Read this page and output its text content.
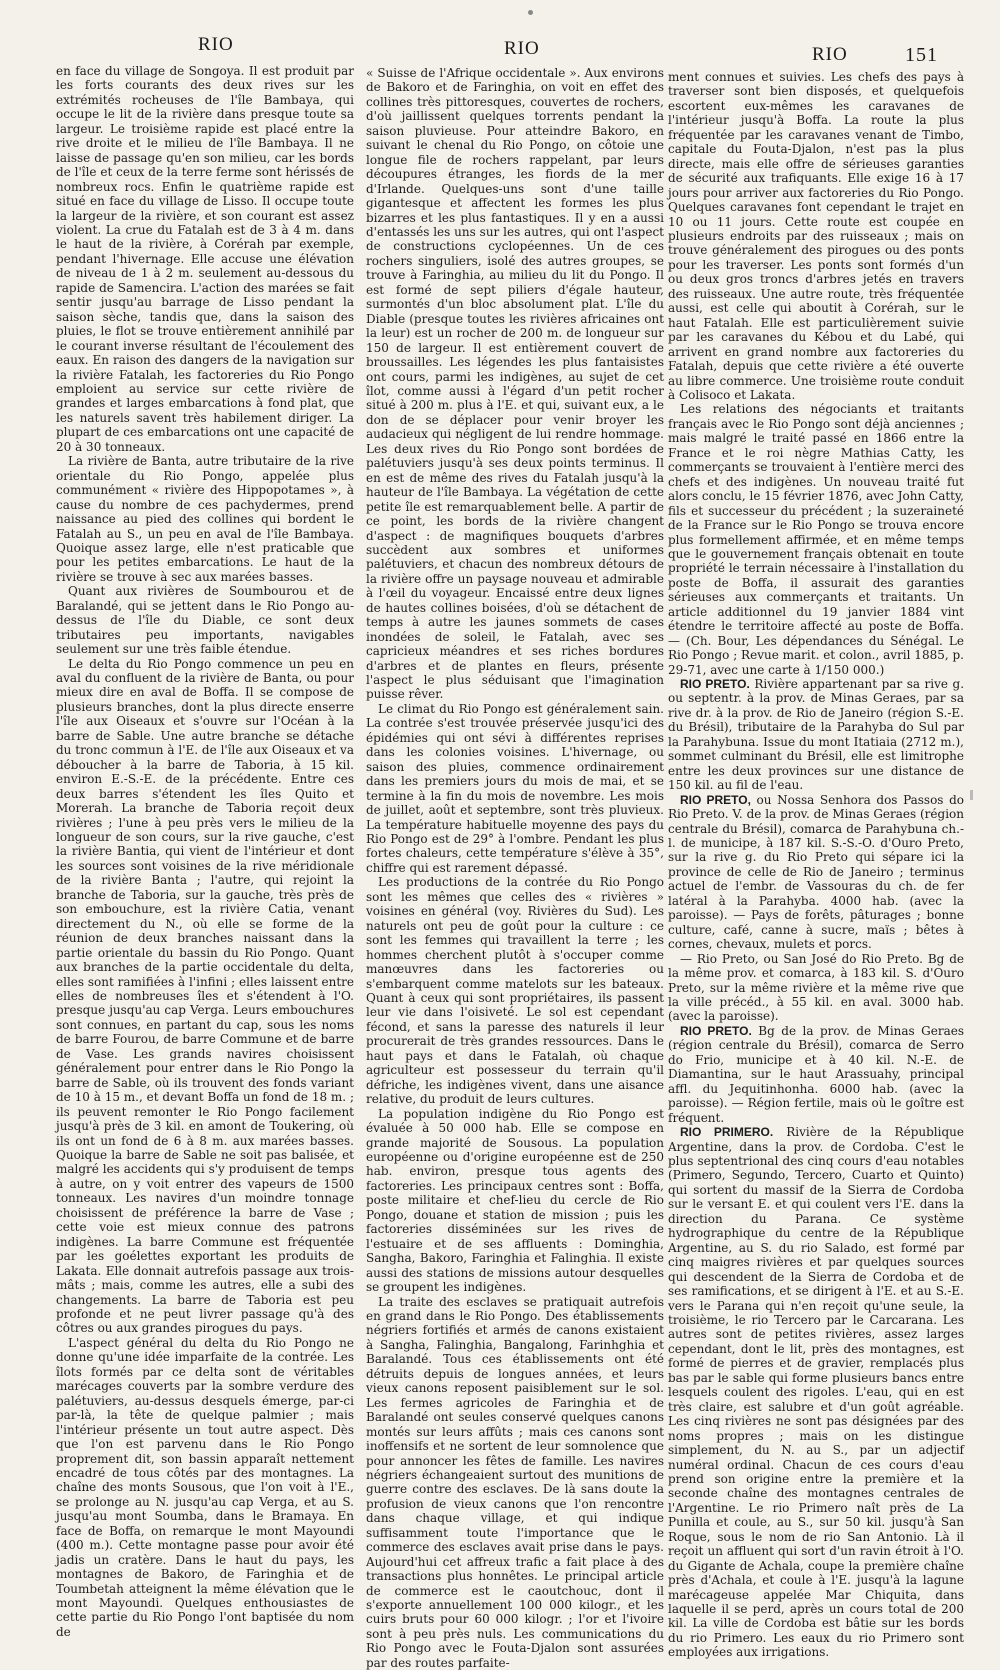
RIO	RIO	RIO	151

en face du village de Songoya. Il est produit par les forts courants des deux rives sur les extrémités rocheuses de l'île Bambaya, qui occupe le lit de la rivière dans presque toute sa largeur. Le troisième rapide est placé entre la rive droite et le milieu de l'île Bambaya. Il ne laisse de passage qu'en son milieu, car les bords de l'île et ceux de la terre ferme sont hérissés de nombreux rocs. Enfin le quatrième rapide est situé en face du village de Lisso. Il occupe toute la largeur de la rivière, et son courant est assez violent. La crue du Fatalah est de 3 à 4 m. dans le haut de la rivière, à Corérah par exemple, pendant l'hivernage. Elle accuse une élévation de niveau de 1 à 2 m. seulement au-dessous du rapide de Samencira. L'action des marées se fait sentir jusqu'au barrage de Lisso pendant la saison sèche, tandis que, dans la saison des pluies, le flot se trouve entièrement annihilé par le courant inverse résultant de l'écoulement des eaux. En raison des dangers de la navigation sur la rivière Fatalah, les factoreries du Rio Pongo emploient au service sur cette rivière de grandes et larges embarcations à fond plat, que les naturels savent très habilement diriger. La plupart de ces embarcations ont une capacité de 20 à 30 tonneaux.

La rivière de Banta, autre tributaire de la rive orientale du Rio Pongo, appelée plus communément « rivière des Hippopotames », à cause du nombre de ces pachydermes, prend naissance au pied des collines qui bordent le Fatalah au S., un peu en aval de l'île Bambaya. Quoique assez large, elle n'est praticable que pour les petites embarcations. Le haut de la rivière se trouve à sec aux marées basses.

Quant aux rivières de Soumbourou et de Baralandé, qui se jettent dans le Rio Pongo au-dessus de l'île du Diable, ce sont deux tributaires peu importants, navigables seulement sur une très faible étendue.

Le delta du Rio Pongo commence un peu en aval du confluent de la rivière de Banta, ou pour mieux dire en aval de Boffa. Il se compose de plusieurs branches, dont la plus directe enserre l'île aux Oiseaux et s'ouvre sur l'Océan à la barre de Sable. Une autre branche se détache du tronc commun à l'E. de l'île aux Oiseaux et va déboucher à la barre de Taboria, à 15 kil. environ E.-S.-E. de la précédente. Entre ces deux barres s'étendent les îles Quito et Morerah. La branche de Taboria reçoit deux rivières ; l'une à peu près vers le milieu de la longueur de son cours, sur la rive gauche, c'est la rivière Bantia, qui vient de l'intérieur et dont les sources sont voisines de la rive méridionale de la rivière Banta ; l'autre, qui rejoint la branche de Taboria, sur la gauche, très près de son embouchure, est la rivière Catia, venant directement du N., où elle se forme de la réunion de deux branches naissant dans la partie orientale du bassin du Rio Pongo. Quant aux branches de la partie occidentale du delta, elles sont ramifiées à l'infini ; elles laissent entre elles de nombreuses îles et s'étendent à l'O. presque jusqu'au cap Verga. Leurs embouchures sont connues, en partant du cap, sous les noms de barre Fourou, de barre Commune et de barre de Vase. Les grands navires choisissent généralement pour entrer dans le Rio Pongo la barre de Sable, où ils trouvent des fonds variant de 10 à 15 m., et devant Boffa un fond de 18 m. ; ils peuvent remonter le Rio Pongo facilement jusqu'à près de 3 kil. en amont de Toukering, où ils ont un fond de 6 à 8 m. aux marées basses. Quoique la barre de Sable ne soit pas balisée, et malgré les accidents qui s'y produisent de temps à autre, on y voit entrer des vapeurs de 1500 tonneaux. Les navires d'un moindre tonnage choisissent de préférence la barre de Vase ; cette voie est mieux connue des patrons indigènes. La barre Commune est fréquentée par les goélettes exportant les produits de Lakata. Elle donnait autrefois passage aux trois-mâts ; mais, comme les autres, elle a subi des changements. La barre de Taboria est peu profonde et ne peut livrer passage qu'à des côtres ou aux grandes pirogues du pays.

L'aspect général du delta du Rio Pongo ne donne qu'une idée imparfaite de la contrée. Les îlots formés par ce delta sont de véritables marécages couverts par la sombre verdure des palétuviers, au-dessus desquels émerge, par-ci par-là, la tête de quelque palmier ; mais l'intérieur présente un tout autre aspect. Dès que l'on est parvenu dans le Rio Pongo proprement dit, son bassin apparaît nettement encadré de tous côtés par des montagnes. La chaîne des monts Sousous, que l'on voit à l'E., se prolonge au N. jusqu'au cap Verga, et au S. jusqu'au mont Soumba, dans le Bramaya. En face de Boffa, on remarque le mont Mayoundi (400 m.). Cette montagne passe pour avoir été jadis un cratère. Dans le haut du pays, les montagnes de Bakoro, de Faringhia et de Toumbetah atteignent la même élévation que le mont Mayoundi. Quelques enthousiastes de cette partie du Rio Pongo l'ont baptisée du nom de

« Suisse de l'Afrique occidentale ». Aux environs de Bakoro et de Faringhia, on voit en effet des collines très pittoresques, couvertes de rochers, d'où jaillissent quelques torrents pendant la saison pluvieuse. Pour atteindre Bakoro, en suivant le chenal du Rio Pongo, on côtoie une longue file de rochers rappelant, par leurs découpures étranges, les fiords de la mer d'Irlande. Quelques-uns sont d'une taille gigantesque et affectent les formes les plus bizarres et les plus fantastiques. Il y en a aussi d'entassés les uns sur les autres, qui ont l'aspect de constructions cyclopéennes. Un de ces rochers singuliers, isolé des autres groupes, se trouve à Faringhia, au milieu du lit du Pongo. Il est formé de sept piliers d'égale hauteur, surmontés d'un bloc absolument plat. L'île du Diable (presque toutes les rivières africaines ont la leur) est un rocher de 200 m. de longueur sur 150 de largeur. Il est entièrement couvert de broussailles. Les légendes les plus fantaisistes ont cours, parmi les indigènes, au sujet de cet îlot, comme aussi à l'égard d'un petit rocher situé à 200 m. plus à l'E. et qui, suivant eux, a le don de se déplacer pour venir broyer les audacieux qui négligent de lui rendre hommage. Les deux rives du Rio Pongo sont bordées de palétuviers jusqu'à ses deux points terminus. Il en est de même des rives du Fatalah jusqu'à la hauteur de l'île Bambaya. La végétation de cette petite île est remarquablement belle. A partir de ce point, les bords de la rivière changent d'aspect : de magnifiques bouquets d'arbres succèdent aux sombres et uniformes palétuviers, et chacun des nombreux détours de la rivière offre un paysage nouveau et admirable à l'œil du voyageur. Encaissé entre deux lignes de hautes collines boisées, d'où se détachent de temps à autre les jaunes sommets de cases inondées de soleil, le Fatalah, avec ses capricieux méandres et ses riches bordures d'arbres et de plantes en fleurs, présente l'aspect le plus séduisant que l'imagination puisse rêver.

Le climat du Rio Pongo est généralement sain. La contrée s'est trouvée préservée jusqu'ici des épidémies qui ont sévi à différentes reprises dans les colonies voisines. L'hivernage, ou saison des pluies, commence ordinairement dans les premiers jours du mois de mai, et se termine à la fin du mois de novembre. Les mois de juillet, août et septembre, sont très pluvieux. La température habituelle moyenne des pays du Rio Pongo est de 29° à l'ombre. Pendant les plus fortes chaleurs, cette température s'élève à 35°, chiffre qui est rarement dépassé.

Les productions de la contrée du Rio Pongo sont les mêmes que celles des « rivières » voisines en général (voy. Rivières du Sud). Les naturels ont peu de goût pour la culture : ce sont les femmes qui travaillent la terre ; les hommes cherchent plutôt à s'occuper comme manœuvres dans les factoreries ou s'embarquent comme matelots sur les bateaux. Quant à ceux qui sont propriétaires, ils passent leur vie dans l'oisiveté. Le sol est cependant fécond, et sans la paresse des naturels il leur procurerait de très grandes ressources. Dans le haut pays et dans le Fatalah, où chaque agriculteur est possesseur du terrain qu'il défriche, les indigènes vivent, dans une aisance relative, du produit de leurs cultures.

La population indigène du Rio Pongo est évaluée à 50 000 hab. Elle se compose en grande majorité de Sousous. La population européenne ou d'origine européenne est de 250 hab. environ, presque tous agents des factoreries. Les principaux centres sont : Boffa, poste militaire et chef-lieu du cercle de Rio Pongo, douane et station de mission ; puis les factoreries disséminées sur les rives de l'estuaire et de ses affluents : Dominghia, Sangha, Bakoro, Faringhia et Falinghia. Il existe aussi des stations de missions autour desquelles se groupent les indigènes.

La traite des esclaves se pratiquait autrefois en grand dans le Rio Pongo. Des établissements négriers fortifiés et armés de canons existaient à Sangha, Falinghia, Bangalong, Farinhghia et Baralandé. Tous ces établissements ont été détruits depuis de longues années, et leurs vieux canons reposent paisiblement sur le sol. Les fermes agricoles de Faringhia et de Baralandé ont seules conservé quelques canons montés sur leurs affûts ; mais ces canons sont inoffensifs et ne sortent de leur somnolence que pour annoncer les fêtes de famille. Les navires négriers échangeaient surtout des munitions de guerre contre des esclaves. De là sans doute la profusion de vieux canons que l'on rencontre dans chaque village, et qui indique suffisamment toute l'importance que le commerce des esclaves avait prise dans le pays. Aujourd'hui cet affreux trafic a fait place à des transactions plus honnêtes. Le principal article de commerce est le caoutchouc, dont il s'exporte annuellement 100 000 kilogr., et les cuirs bruts pour 60 000 kilogr. ; l'or et l'ivoire sont à peu près nuls. Les communications du Rio Pongo avec le Fouta-Djalon sont assurées par des routes parfaite-

ment connues et suivies. Les chefs des pays à traverser sont bien disposés, et quelquefois escortent eux-mêmes les caravanes de l'intérieur jusqu'à Boffa. La route la plus fréquentée par les caravanes venant de Timbo, capitale du Fouta-Djalon, n'est pas la plus directe, mais elle offre de sérieuses garanties de sécurité aux trafiquants. Elle exige 16 à 17 jours pour arriver aux factoreries du Rio Pongo. Quelques caravanes font cependant le trajet en 10 ou 11 jours. Cette route est coupée en plusieurs endroits par des ruisseaux ; mais on trouve généralement des pirogues ou des ponts pour les traverser. Les ponts sont formés d'un ou deux gros troncs d'arbres jetés en travers des ruisseaux. Une autre route, très fréquentée aussi, est celle qui aboutit à Corérah, sur le haut Fatalah. Elle est particulièrement suivie par les caravanes du Kébou et du Labé, qui arrivent en grand nombre aux factoreries du Fatalah, depuis que cette rivière a été ouverte au libre commerce. Une troisième route conduit à Colisoco et Lakata.

Les relations des négociants et traitants français avec le Rio Pongo sont déjà anciennes ; mais malgré le traité passé en 1866 entre la France et le roi nègre Mathias Catty, les commerçants se trouvaient à l'entière merci des chefs et des indigènes. Un nouveau traité fut alors conclu, le 15 février 1876, avec John Catty, fils et successeur du précédent ; la suzeraineté de la France sur le Rio Pongo se trouva encore plus formellement affirmée, et en même temps que le gouvernement français obtenait en toute propriété le terrain nécessaire à l'installation du poste de Boffa, il assurait des garanties sérieuses aux commerçants et traitants. Un article additionnel du 19 janvier 1884 vint étendre le territoire affecté au poste de Boffa. — (Ch. Bour, Les dépendances du Sénégal. Le Rio Pongo ; Revue marit. et colon., avril 1885, p. 29-71, avec une carte à 1/150 000.)

RIO PRETO. Rivière appartenant par sa rive g. ou septentr. à la prov. de Minas Geraes, par sa rive dr. à la prov. de Rio de Janeiro (région S.-E. du Brésil), tributaire de la Parahyba do Sul par la Parahybuna. Issue du mont Itatiaia (2712 m.), sommet culminant du Brésil, elle est limitrophe entre les deux provinces sur une distance de 150 kil. au fil de l'eau.

RIO PRETO, ou Nossa Senhora dos Passos do Rio Preto. V. de la prov. de Minas Geraes (région centrale du Brésil), comarca de Parahybuna ch.-l. de municipe, à 187 kil. S.-S.-O. d'Ouro Preto, sur la rive g. du Rio Preto qui sépare ici la province de celle de Rio de Janeiro ; terminus actuel de l'embr. de Vassouras du ch. de fer latéral à la Parahyba. 4000 hab. (avec la paroisse). — Pays de forêts, pâturages ; bonne culture, café, canne à sucre, maïs ; bêtes à cornes, chevaux, mulets et porcs.

— Rio Preto, ou San José do Rio Preto. Bg de la même prov. et comarca, à 183 kil. S. d'Ouro Preto, sur la même rivière et la même rive que la ville précéd., à 55 kil. en aval. 3000 hab. (avec la paroisse).

RIO PRETO. Bg de la prov. de Minas Geraes (région centrale du Brésil), comarca de Serro do Frio, municipe et à 40 kil. N.-E. de Diamantina, sur le haut Arassuahy, principal affl. du Jequitinhonha. 6000 hab. (avec la paroisse). — Région fertile, mais où le goître est fréquent.

RIO PRIMERO. Rivière de la République Argentine, dans la prov. de Cordoba. C'est le plus septentrional des cinq cours d'eau notables (Primero, Segundo, Tercero, Cuarto et Quinto) qui sortent du massif de la Sierra de Cordoba sur le versant E. et qui coulent vers l'E. dans la direction du Parana. Ce système hydrographique du centre de la République Argentine, au S. du rio Salado, est formé par cinq maigres rivières et par quelques sources qui descendent de la Sierra de Cordoba et de ses ramifications, et se dirigent à l'E. et au S.-E. vers le Parana qui n'en reçoit qu'une seule, la troisième, le rio Tercero par le Carcarana. Les autres sont de petites rivières, assez larges cependant, dont le lit, près des montagnes, est formé de pierres et de gravier, remplacés plus bas par le sable qui forme plusieurs bancs entre lesquels coulent des rigoles. L'eau, qui en est très claire, est salubre et d'un goût agréable. Les cinq rivières ne sont pas désignées par des noms propres ; mais on les distingue simplement, du N. au S., par un adjectif numéral ordinal. Chacun de ces cours d'eau prend son origine entre la première et la seconde chaîne des montagnes centrales de l'Argentine. Le rio Primero naît près de La Punilla et coule, au S., sur 50 kil. jusqu'à San Roque, sous le nom de rio San Antonio. Là il reçoit un affluent qui sort d'un ravin étroit à l'O. du Gigante de Achala, coupe la première chaîne près d'Achala, et coule à l'E. jusqu'à la lagune marécageuse appelée Mar Chiquita, dans laquelle il se perd, après un cours total de 200 kil. La ville de Cordoba est bâtie sur les bords du rio Primero. Les eaux du rio Primero sont employées aux irrigations.
